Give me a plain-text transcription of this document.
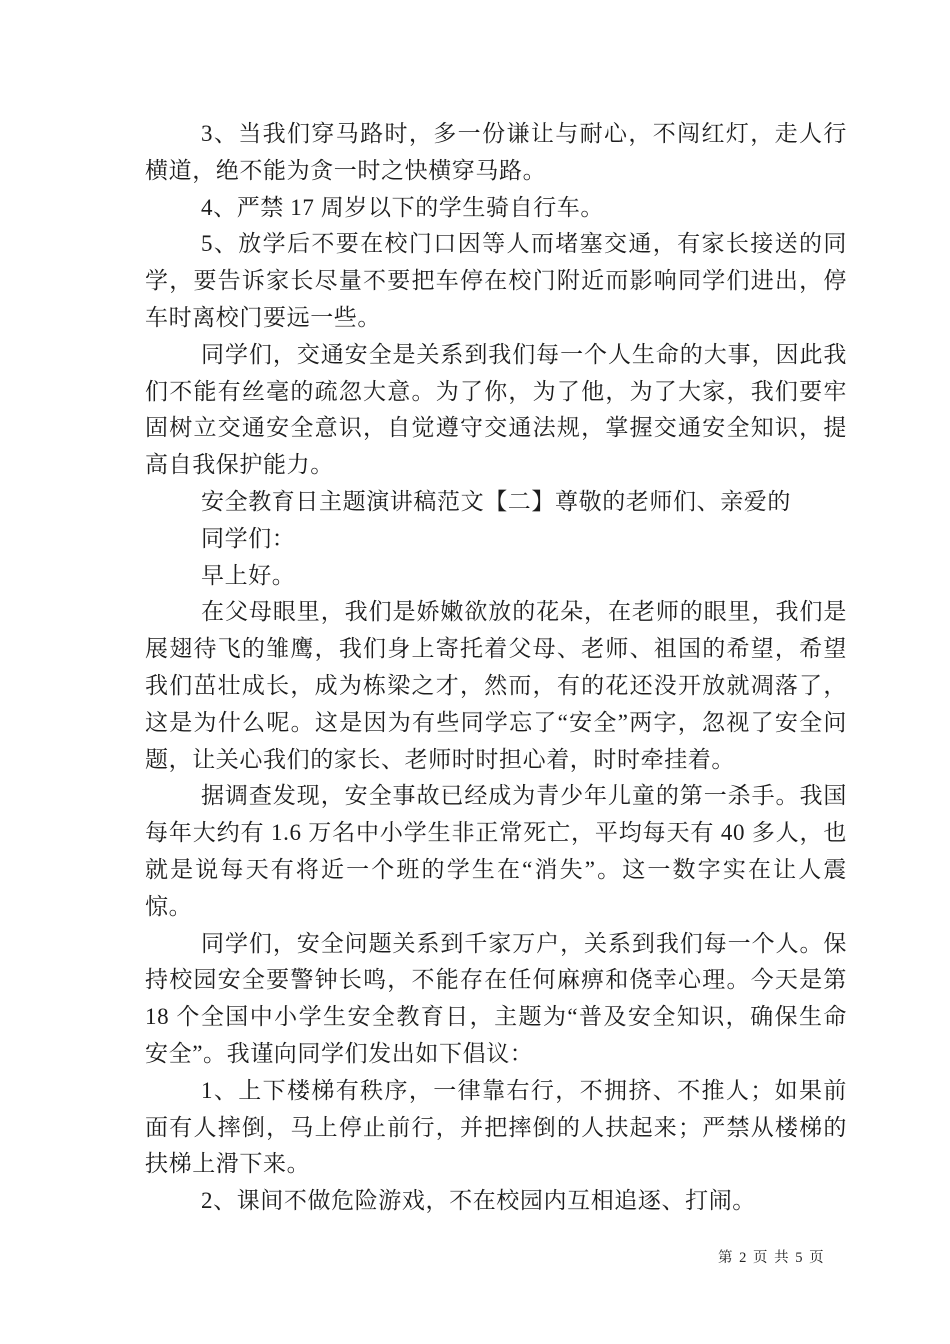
3、当我们穿马路时，多一份谦让与耐心，不闯红灯，走人行横道，绝不能为贪一时之快横穿马路。

4、严禁 17 周岁以下的学生骑自行车。

5、放学后不要在校门口因等人而堵塞交通，有家长接送的同学，要告诉家长尽量不要把车停在校门附近而影响同学们进出，停车时离校门要远一些。

同学们，交通安全是关系到我们每一个人生命的大事，因此我们不能有丝毫的疏忽大意。为了你，为了他，为了大家，我们要牢固树立交通安全意识，自觉遵守交通法规，掌握交通安全知识，提高自我保护能力。

安全教育日主题演讲稿范文【二】尊敬的老师们、亲爱的

同学们：

早上好。

在父母眼里，我们是娇嫩欲放的花朵，在老师的眼里，我们是展翅待飞的雏鹰，我们身上寄托着父母、老师、祖国的希望，希望我们茁壮成长，成为栋梁之才，然而，有的花还没开放就凋落了，这是为什么呢。这是因为有些同学忘了“安全”两字，忽视了安全问题，让关心我们的家长、老师时时担心着，时时牵挂着。

据调查发现，安全事故已经成为青少年儿童的第一杀手。我国每年大约有 1.6 万名中小学生非正常死亡，平均每天有 40 多人，也就是说每天有将近一个班的学生在“消失”。这一数字实在让人震惊。

同学们，安全问题关系到千家万户，关系到我们每一个人。保持校园安全要警钟长鸣，不能存在任何麻痹和侥幸心理。今天是第 18 个全国中小学生安全教育日，主题为“普及安全知识，确保生命安全”。我谨向同学们发出如下倡议：

1、上下楼梯有秩序，一律靠右行，不拥挤、不推人；如果前面有人摔倒，马上停止前行，并把摔倒的人扶起来；严禁从楼梯的扶梯上滑下来。

2、课间不做危险游戏，不在校园内互相追逐、打闹。

第 2 页 共 5 页
